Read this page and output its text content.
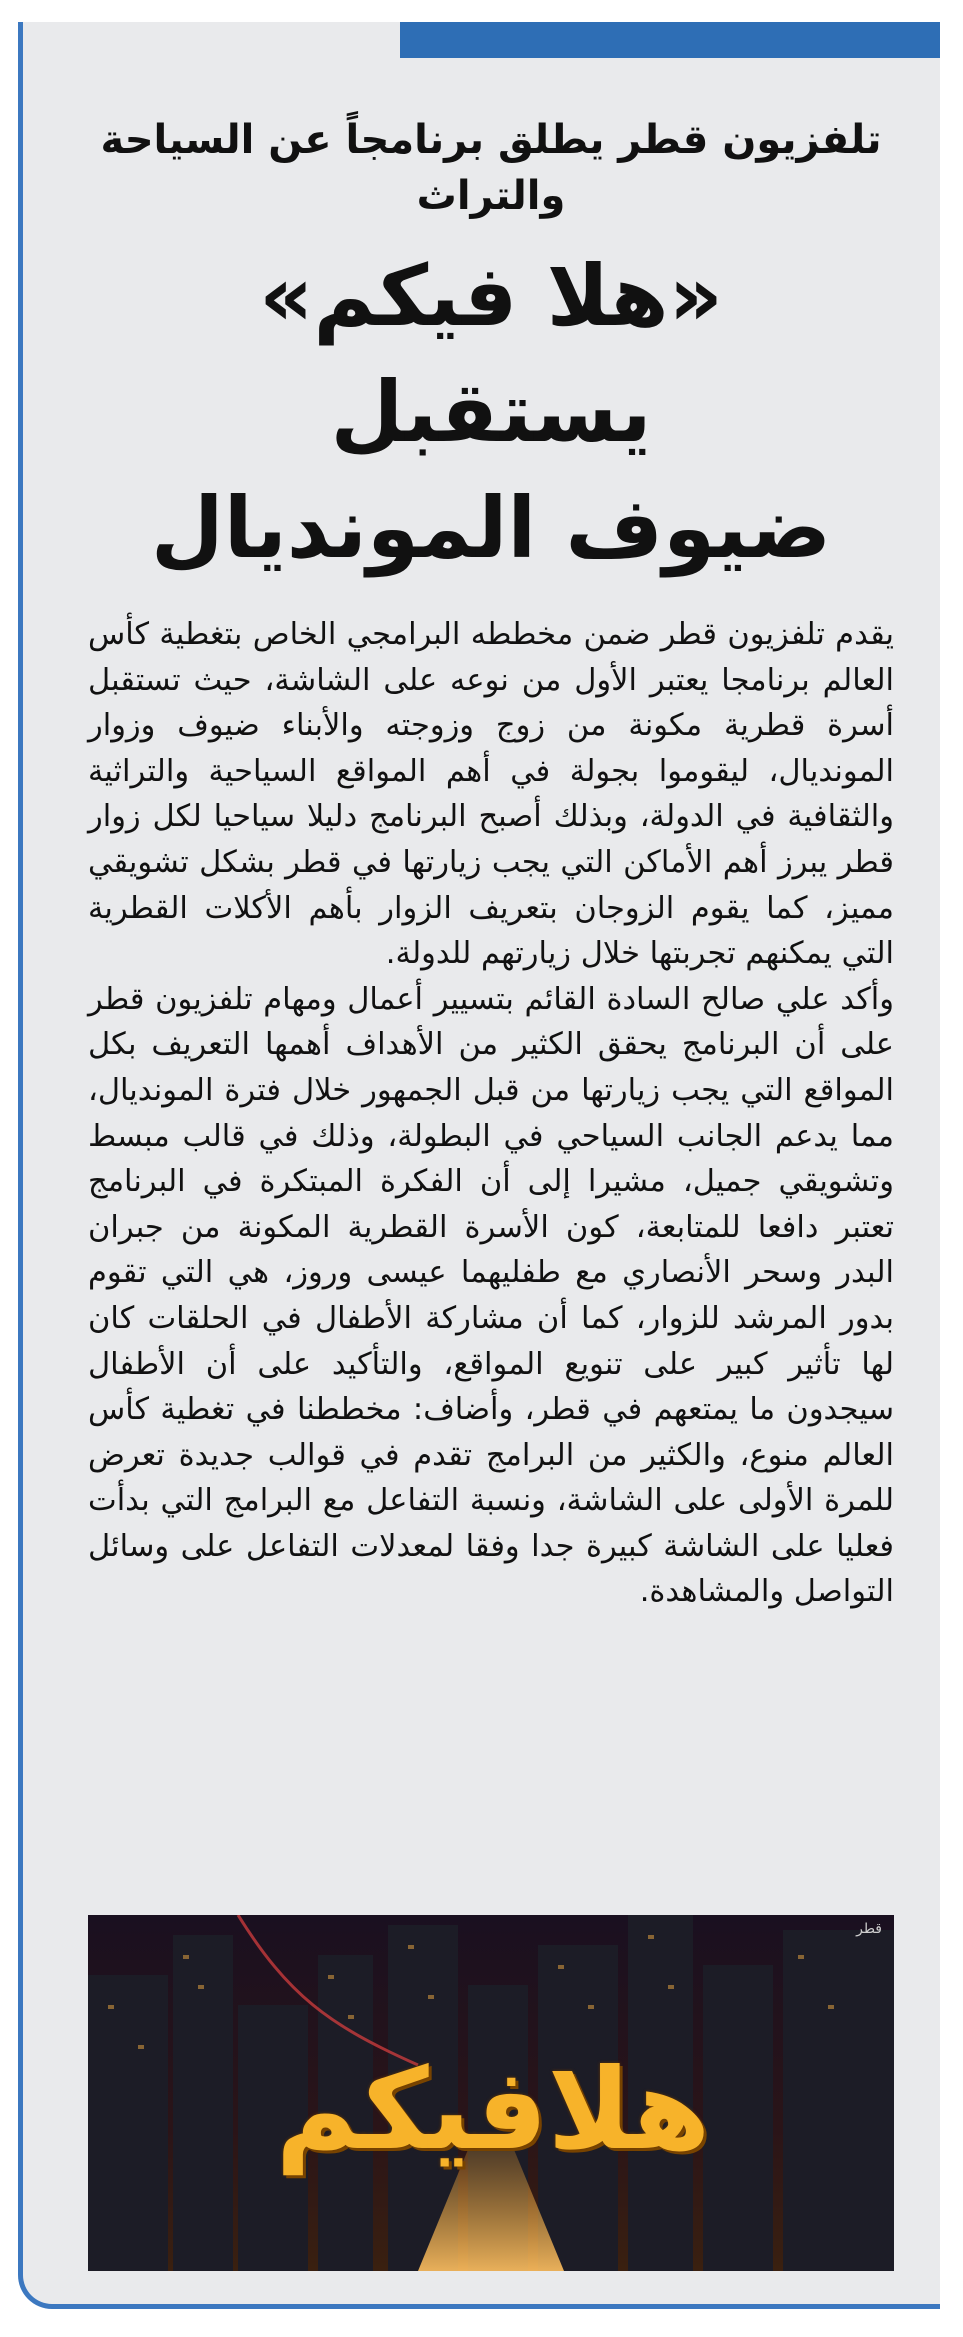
تلفزيون قطر يطلق برنامجاً عن السياحة والتراث
«هلا فيكم» يستقبل
ضيوف المونديال

يقدم تلفزيون قطر ضمن مخططه البرامجي الخاص بتغطية كأس العالم برنامجا يعتبر الأول من نوعه على الشاشة، حيث تستقبل أسرة قطرية مكونة من زوج وزوجته والأبناء ضيوف وزوار المونديال، ليقوموا بجولة في أهم المواقع السياحية والتراثية والثقافية في الدولة، وبذلك أصبح البرنامج دليلا سياحيا لكل زوار قطر يبرز أهم الأماكن التي يجب زيارتها في قطر بشكل تشويقي مميز، كما يقوم الزوجان بتعريف الزوار بأهم الأكلات القطرية التي يمكنهم تجربتها خلال زيارتهم للدولة.

وأكد علي صالح السادة القائم بتسيير أعمال ومهام تلفزيون قطر على أن البرنامج يحقق الكثير من الأهداف أهمها التعريف بكل المواقع التي يجب زيارتها من قبل الجمهور خلال فترة المونديال، مما يدعم الجانب السياحي في البطولة، وذلك في قالب مبسط وتشويقي جميل، مشيرا إلى أن الفكرة المبتكرة في البرنامج تعتبر دافعا للمتابعة، كون الأسرة القطرية المكونة من جبران البدر وسحر الأنصاري مع طفليهما عيسى وروز، هي التي تقوم بدور المرشد للزوار، كما أن مشاركة الأطفال في الحلقات كان لها تأثير كبير على تنويع المواقع، والتأكيد على أن الأطفال سيجدون ما يمتعهم في قطر، وأضاف: مخططنا في تغطية كأس العالم منوع، والكثير من البرامج تقدم في قوالب جديدة تعرض للمرة الأولى على الشاشة، ونسبة التفاعل مع البرامج التي بدأت فعليا على الشاشة كبيرة جدا وفقا لمعدلات التفاعل على وسائل التواصل والمشاهدة.

قطر
هلافيكم
